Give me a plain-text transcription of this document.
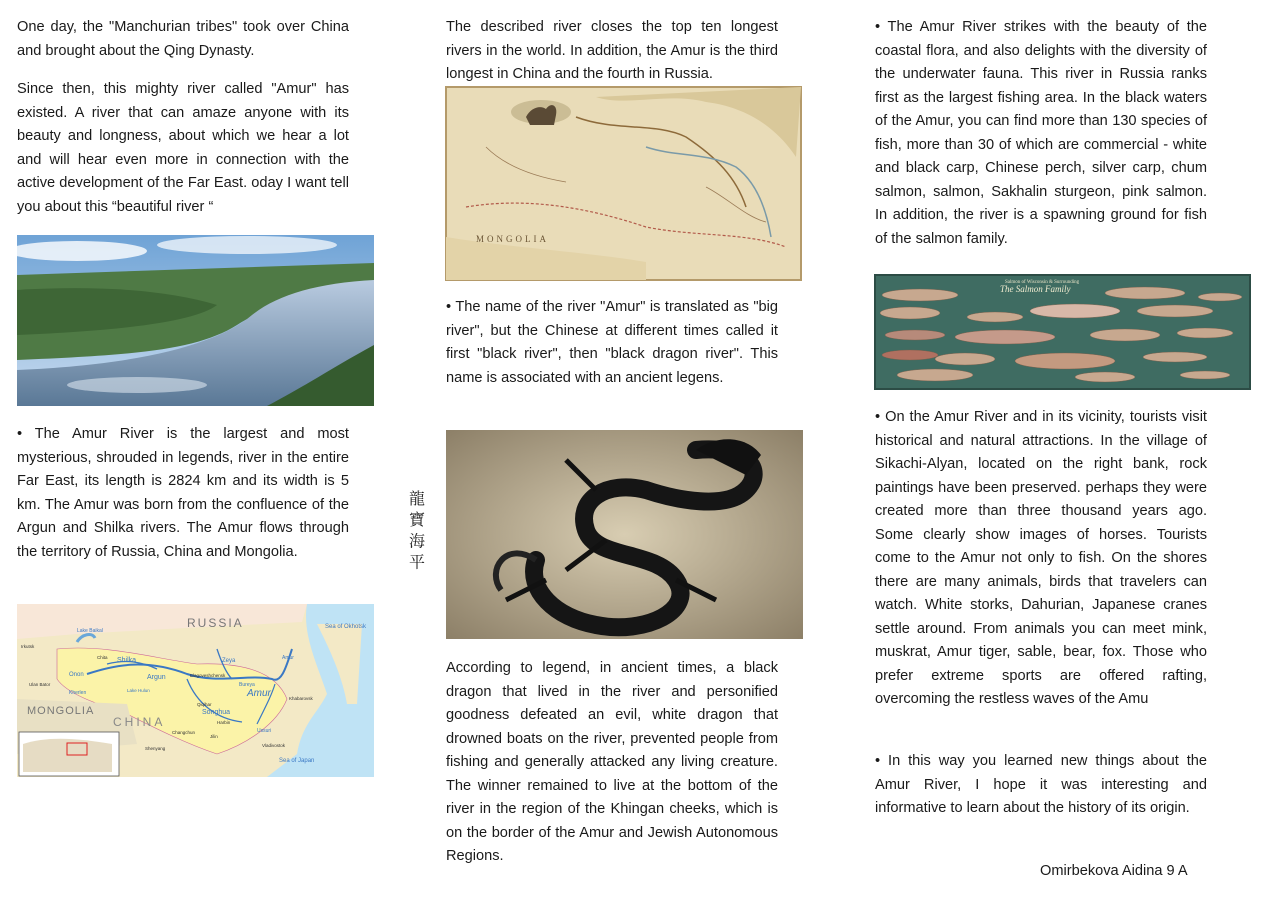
One day, the "Manchurian tribes" took over China and brought about the Qing Dynasty.

Since then, this mighty river called "Amur" has existed. A river that can amaze anyone with its beauty and longness, about which we hear a lot and will hear even more in connection with the active development of the Far East. oday I want tell you about this “beautiful river “

• The Amur River is the largest and most mysterious, shrouded in legends, river in the entire Far East, its length is 2824 km and its width is 5 km. The Amur was born from the confluence of the Argun and Shilka rivers. The Amur flows through the territory of Russia, China and Mongolia.

RUSSIA
MONGOLIA
CHINA
Sea of Okhotsk
Sea of Japan
Lake Baikal
Amur
Shilka
Argun
Songhua
Zeya
Onon
Kherlen
Chita
Irkutsk
Ulan Bator
Lake Hulun
Blagoveshchensk
Harbin
Khabarovsk
Qiqihar
Changchun
Jilin
Vladivostok
Shenyang
Bureya
Ussuri
Amur

The described river closes the top ten longest rivers in the world. In addition, the Amur is the third longest in China and the fourth in Russia.

MONGOLIA

• The name of the river "Amur" is translated as "big river", but the Chinese at different times called it first "black river", then "black dragon river". This name is associated with an ancient legens.

龍 寶 海 平

According to legend, in ancient times, a black dragon that lived in the river and personified goodness defeated an evil, white dragon that drowned boats on the river, prevented people from fishing and generally attacked any living creature. The winner remained to live at the bottom of the river in the region of the Khingan cheeks, which is on the border of the Amur and Jewish Autonomous Regions.

• The Amur River strikes with the beauty of the coastal flora, and also delights with the diversity of the underwater fauna. This river in Russia ranks first as the largest fishing area. In the black waters of the Amur, you can find more than 130 species of fish, more than 30 of which are commercial - white and black carp, Chinese perch, silver carp, chum salmon, salmon, Sakhalin sturgeon, pink salmon. In addition, the river is a spawning ground for fish of the salmon family.

Salmon of Wisconsin & Surrounding
The Salmon Family

• On the Amur River and in its vicinity, tourists visit historical and natural attractions. In the village of Sikachi-Alyan, located on the right bank, rock paintings have been preserved. perhaps they were created more than three thousand years ago. Some clearly show images of horses. Tourists come to the Amur not only to fish. On the shores there are many animals, birds that travelers can watch. White storks, Dahurian, Japanese cranes settle around. From animals you can meet mink, muskrat, Amur tiger, sable, bear, fox. Those who prefer extreme sports are offered rafting, overcoming the restless waves of the Amu

• In this way you learned new things about the Amur River, I hope it was interesting and informative to learn about the history of its origin.

Omirbekova Aidina 9 A
